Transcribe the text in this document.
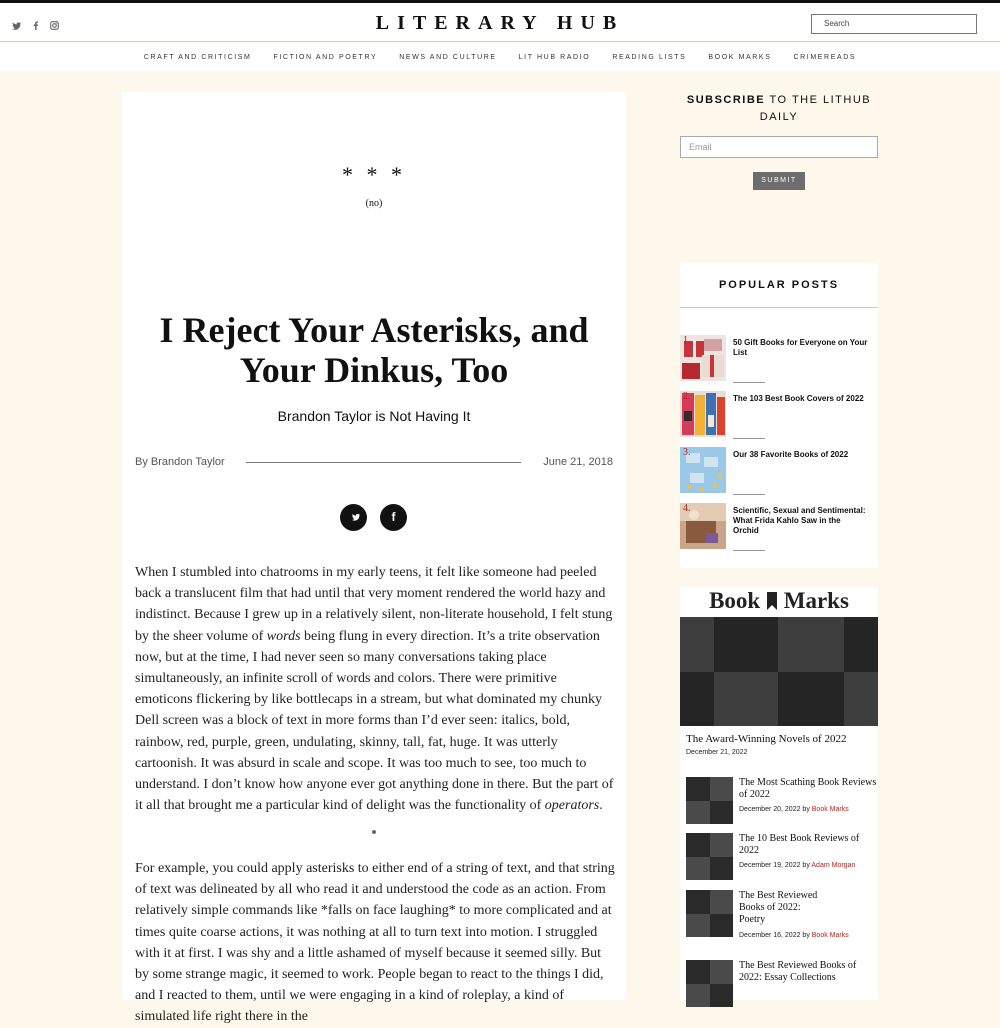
LITERARY HUB	Search
CRAFT AND CRITICISM	FICTION AND POETRY	NEWS AND CULTURE	LIT HUB RADIO	READING LISTS	BOOK MARKS	CRIMEREADS
* * *
(no)
I Reject Your Asterisks, and Your Dinkus, Too
Brandon Taylor is Not Having It
By Brandon Taylor	June 21, 2018
f

When I stumbled into chatrooms in my early teens, it felt like someone had peeled back a translucent film that had until that very moment rendered the world hazy and indistinct. Because I grew up in a relatively silent, non-literate household, I felt stung by the sheer volume of words being flung in every direction. It’s a trite observation now, but at the time, I had never seen so many conversations taking place simultaneously, an infinite scroll of words and colors. There were primitive emoticons flickering by like bottlecaps in a stream, but what dominated my chunky Dell screen was a block of text in more forms than I’d ever seen: italics, bold, rainbow, red, purple, green, undulating, skinny, tall, fat, huge. It was utterly cartoonish. It was absurd in scale and scope. It was too much to see, too much to understand. I don’t know how anyone ever got anything done in there. But the part of it all that brought me a particular kind of delight was the functionality of operators.

For example, you could apply asterisks to either end of a string of text, and that string of text was delineated by all who read it and understood the code as an action. From relatively simple commands like *falls on face laughing* to more complicated and at times quite coarse actions, it was nothing at all to turn text into motion. I struggled with it at first. I was shy and a little ashamed of myself because it seemed silly. But by some strange magic, it seemed to work. People began to react to the things I did, and I reacted to them, until we were engaging in a kind of roleplay, a kind of simulated life right there in the

SUBSCRIBE TO THE LITHUB DAILY
Email
SUBMIT
POPULAR POSTS
1.	50 Gift Books for Everyone on Your List
2.	The 103 Best Book Covers of 2022
3.	Our 38 Favorite Books of 2022
4.	Scientific, Sexual and Sentimental: What Frida Kahlo Saw in the Orchid
Book Marks
The Award-Winning Novels of 2022
December 21, 2022
The Most Scathing Book Reviews of 2022
December 20, 2022 by Book Marks
The 10 Best Book Reviews of 2022
December 19, 2022 by Adam Morgan
The Best Reviewed Books of 2022: Poetry
December 16, 2022 by Book Marks
The Best Reviewed Books of 2022: Essay Collections
